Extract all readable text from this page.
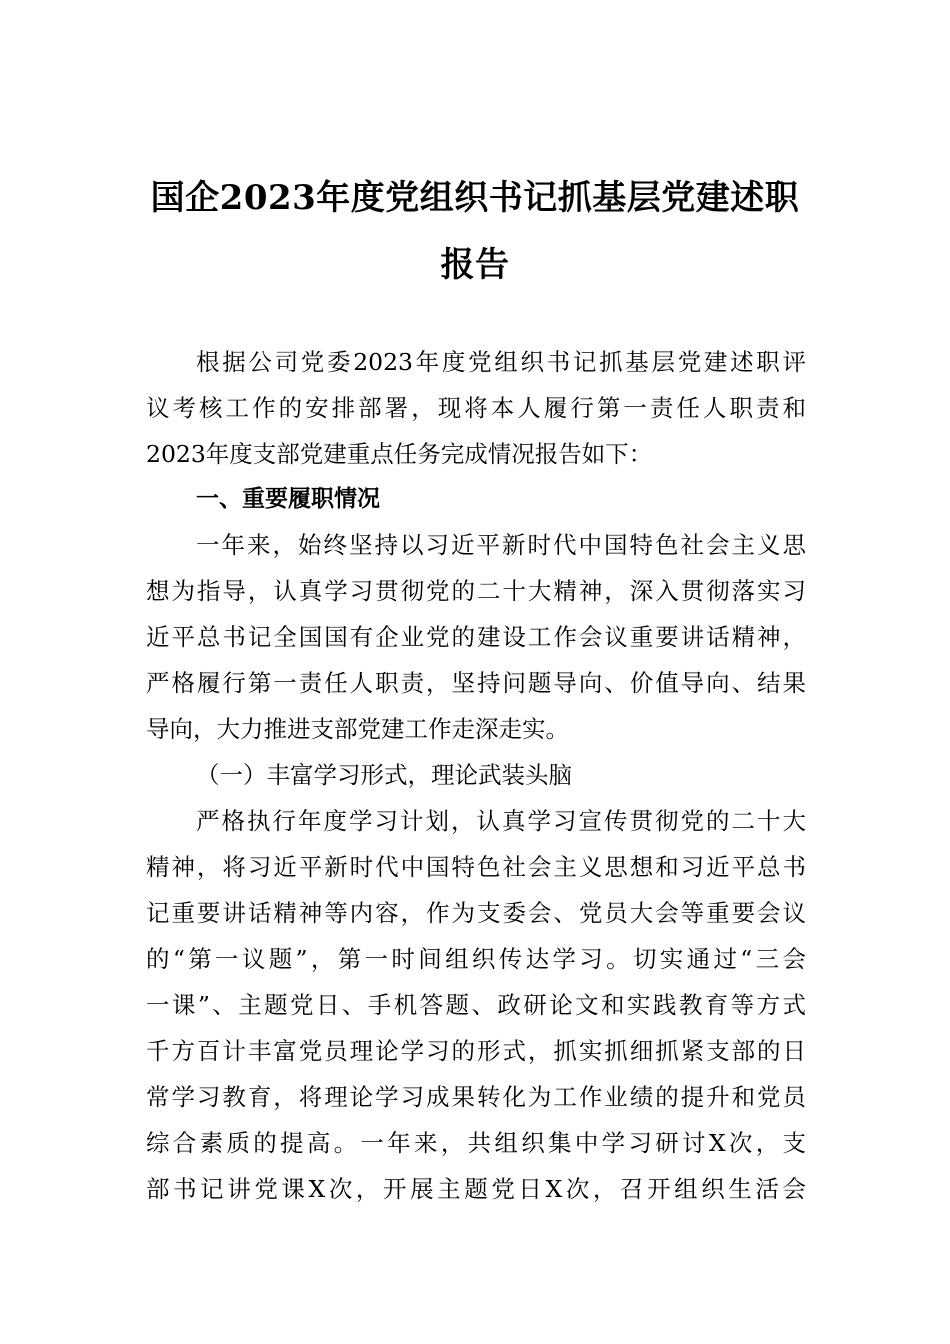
国企2023年度党组织书记抓基层党建述职
报告
根据公司党委2023年度党组织书记抓基层党建述职评
议考核工作的安排部署，现将本人履行第一责任人职责和
2023年度支部党建重点任务完成情况报告如下：
一、重要履职情况
一年来，始终坚持以习近平新时代中国特色社会主义思
想为指导，认真学习贯彻党的二十大精神，深入贯彻落实习
近平总书记全国国有企业党的建设工作会议重要讲话精神，
严格履行第一责任人职责，坚持问题导向、价值导向、结果
导向，大力推进支部党建工作走深走实。
（一）丰富学习形式，理论武装头脑
严格执行年度学习计划，认真学习宣传贯彻党的二十大
精神，将习近平新时代中国特色社会主义思想和习近平总书
记重要讲话精神等内容，作为支委会、党员大会等重要会议
的“第一议题”，第一时间组织传达学习。切实通过“三会
一课”、主题党日、手机答题、政研论文和实践教育等方式
千方百计丰富党员理论学习的形式，抓实抓细抓紧支部的日
常学习教育，将理论学习成果转化为工作业绩的提升和党员
综合素质的提高。一年来，共组织集中学习研讨X次，支
部书记讲党课X次，开展主题党日X次，召开组织生活会
